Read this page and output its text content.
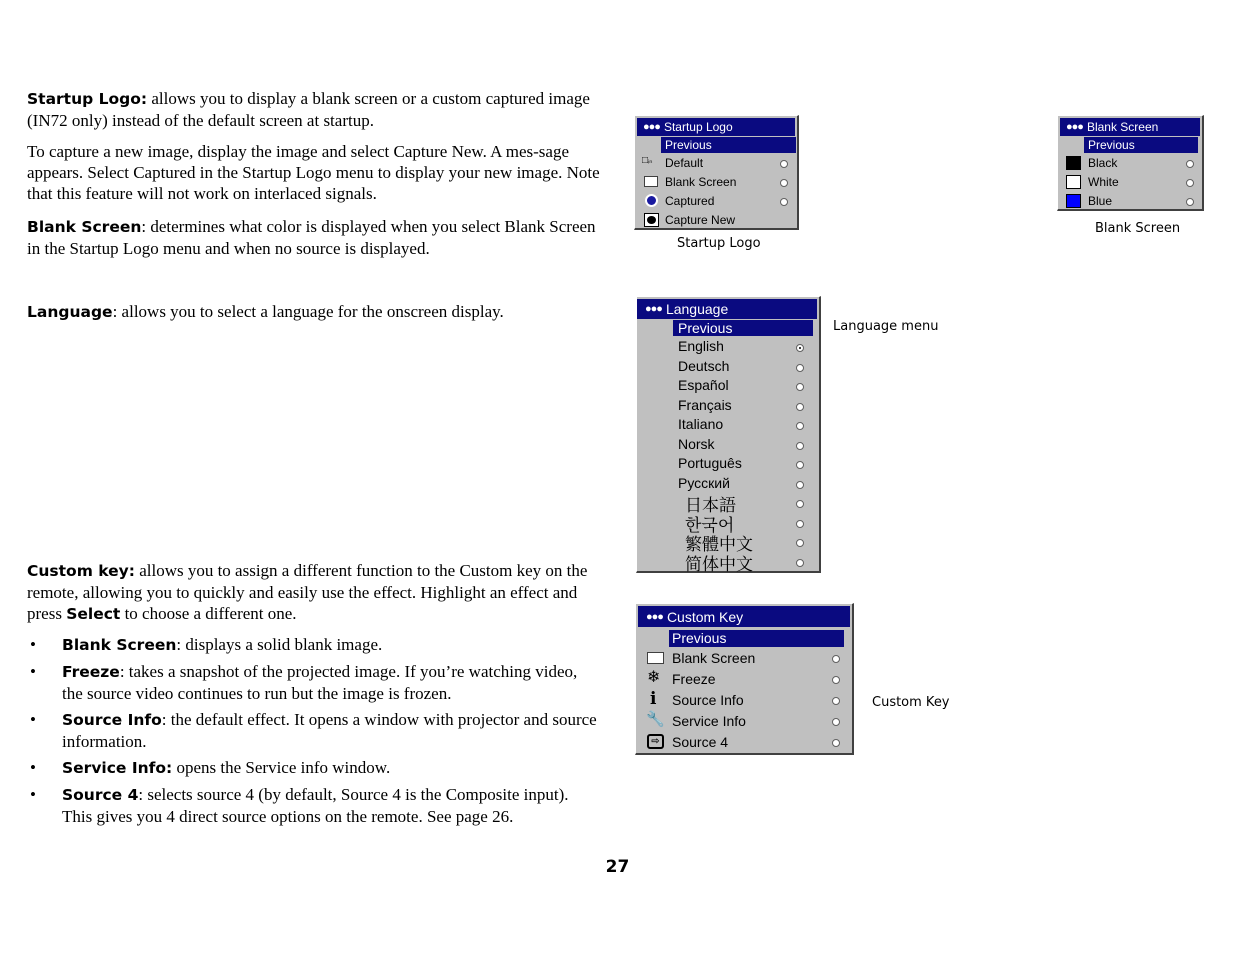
Startup Logo: allows you to display a blank screen or a custom captured image (IN72 only) instead of the default screen at startup.

To capture a new image, display the image and select Capture New. A mes-sage appears. Select Captured in the Startup Logo menu to display your new image. Note that this feature will not work on interlaced signals.

Blank Screen: determines what color is displayed when you select Blank Screen in the Startup Logo menu and when no source is displayed.

Language: allows you to select a language for the onscreen display.

Custom key: allows you to assign a different function to the Custom key on the remote, allowing you to quickly and easily use the effect. Highlight an effect and press Select to choose a different one.

• Blank Screen: displays a solid blank image.
• Freeze: takes a snapshot of the projected image. If you’re watching video, the source video continues to run but the image is frozen.
• Source Info: the default effect. It opens a window with projector and source information.
• Service Info: opens the Service info window.
• Source 4: selects source 4 (by default, Source 4 is the Composite input). This gives you 4 direct source options on the remote. See page 26.
●●● Startup Logo
Previous
□ᵢₙ Default
Blank Screen
Captured
Capture New
Startup Logo
●●● Blank Screen
Previous
Black
White
Blue
Blank Screen
●●● Language
Previous
English
Deutsch
Español
Français
Italiano
Norsk
Português
Русский
日本語
한국어
繁體中文
简体中文
Language menu
●●● Custom Key
Previous
Blank Screen
❄ Freeze
i Source Info
🔧 Service Info
⇨ Source 4
Custom Key
27
